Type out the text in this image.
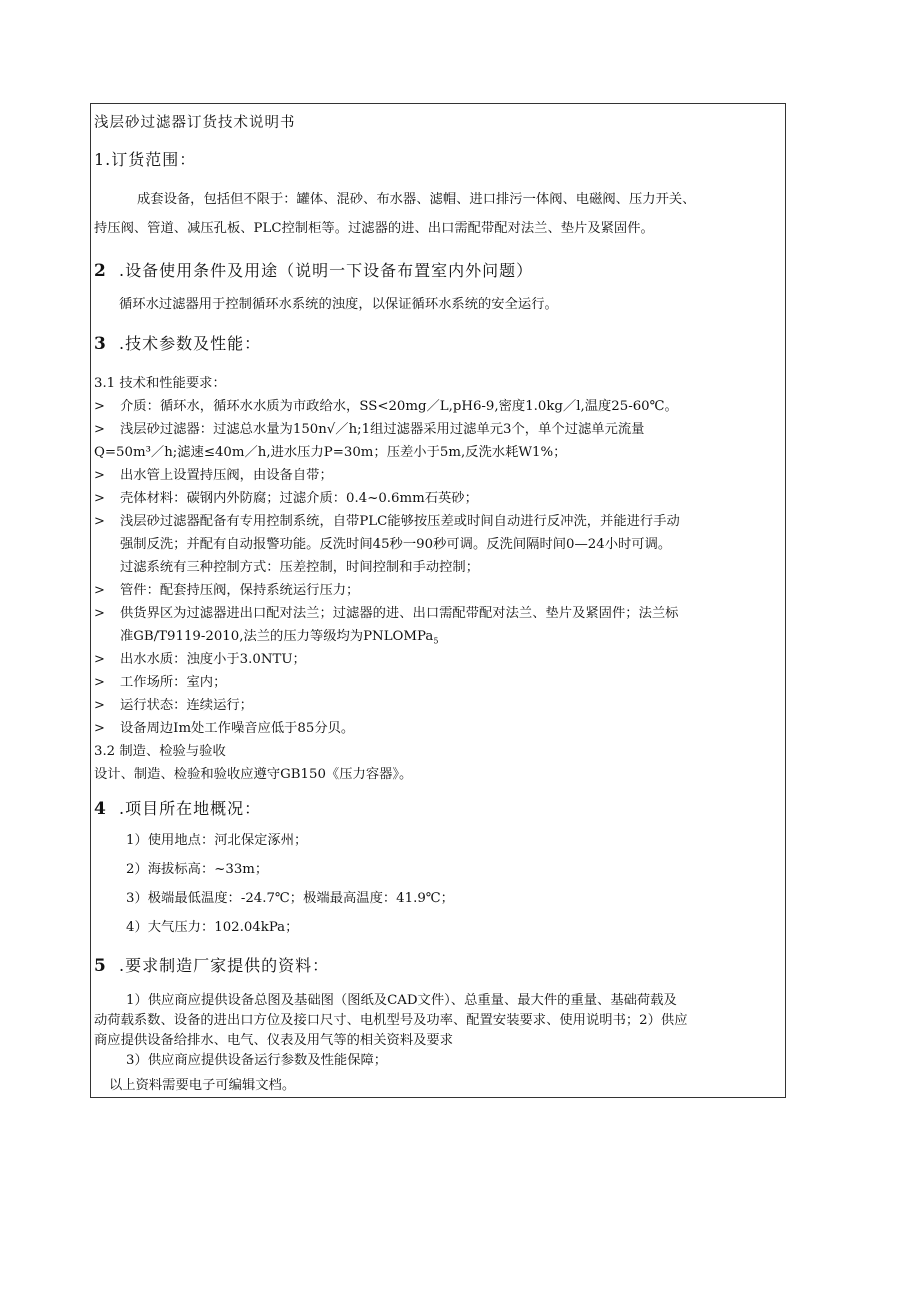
浅层砂过滤器订货技术说明书
1.订货范围：
成套设备，包括但不限于：罐体、混砂、布水器、滤帽、进口排污一体阀、电磁阀、压力开关、
持压阀、管道、减压孔板、PLC控制柜等。过滤器的进、出口需配带配对法兰、垫片及紧固件。
2 .设备使用条件及用途（说明一下设备布置室内外问题）
循环水过滤器用于控制循环水系统的浊度，以保证循环水系统的安全运行。
3 .技术参数及性能：
3.1 技术和性能要求：
> 介质：循环水，循环水水质为市政给水，SS<20mg／L,pH6-9,密度1.0kg／l,温度25-60℃。
> 浅层砂过滤器：过滤总水量为150n√／h;1组过滤器采用过滤单元3个，单个过滤单元流量
Q=50m³／h;滤速≤40m／h,进水压力P=30m；压差小于5m,反洗水耗W1%；
> 出水管上设置持压阀，由设备自带；
> 壳体材料：碳钢内外防腐；过滤介质：0.4~0.6mm石英砂；
> 浅层砂过滤器配备有专用控制系统，自带PLC能够按压差或时间自动进行反冲洗，并能进行手动
强制反洗；并配有自动报警功能。反洗时间45秒一90秒可调。反洗间隔时间0—24小时可调。
过滤系统有三种控制方式：压差控制，时间控制和手动控制；
> 管件：配套持压阀，保持系统运行压力；
> 供货界区为过滤器进出口配对法兰；过滤器的进、出口需配带配对法兰、垫片及紧固件；法兰标
准GB/T9119-2010,法兰的压力等级均为PNLOMPa$_5$
> 出水水质：浊度小于3.0NTU；
> 工作场所：室内；
> 运行状态：连续运行；
> 设备周边Im处工作噪音应低于85分贝。
3.2 制造、检验与验收
设计、制造、检验和验收应遵守GB150《压力容器》。
4 .项目所在地概况：
1）使用地点：河北保定涿州；
2）海拔标高：~33m；
3）极端最低温度：-24.7℃；极端最高温度：41.9℃；
4）大气压力：102.04kPa；
5 .要求制造厂家提供的资料：
1）供应商应提供设备总图及基础图（图纸及CAD文件）、总重量、最大件的重量、基础荷载及
动荷载系数、设备的进出口方位及接口尺寸、电机型号及功率、配置安装要求、使用说明书；2）供应
商应提供设备给排水、电气、仪表及用气等的相关资料及要求
3）供应商应提供设备运行参数及性能保障；
以上资料需要电子可编辑文档。
